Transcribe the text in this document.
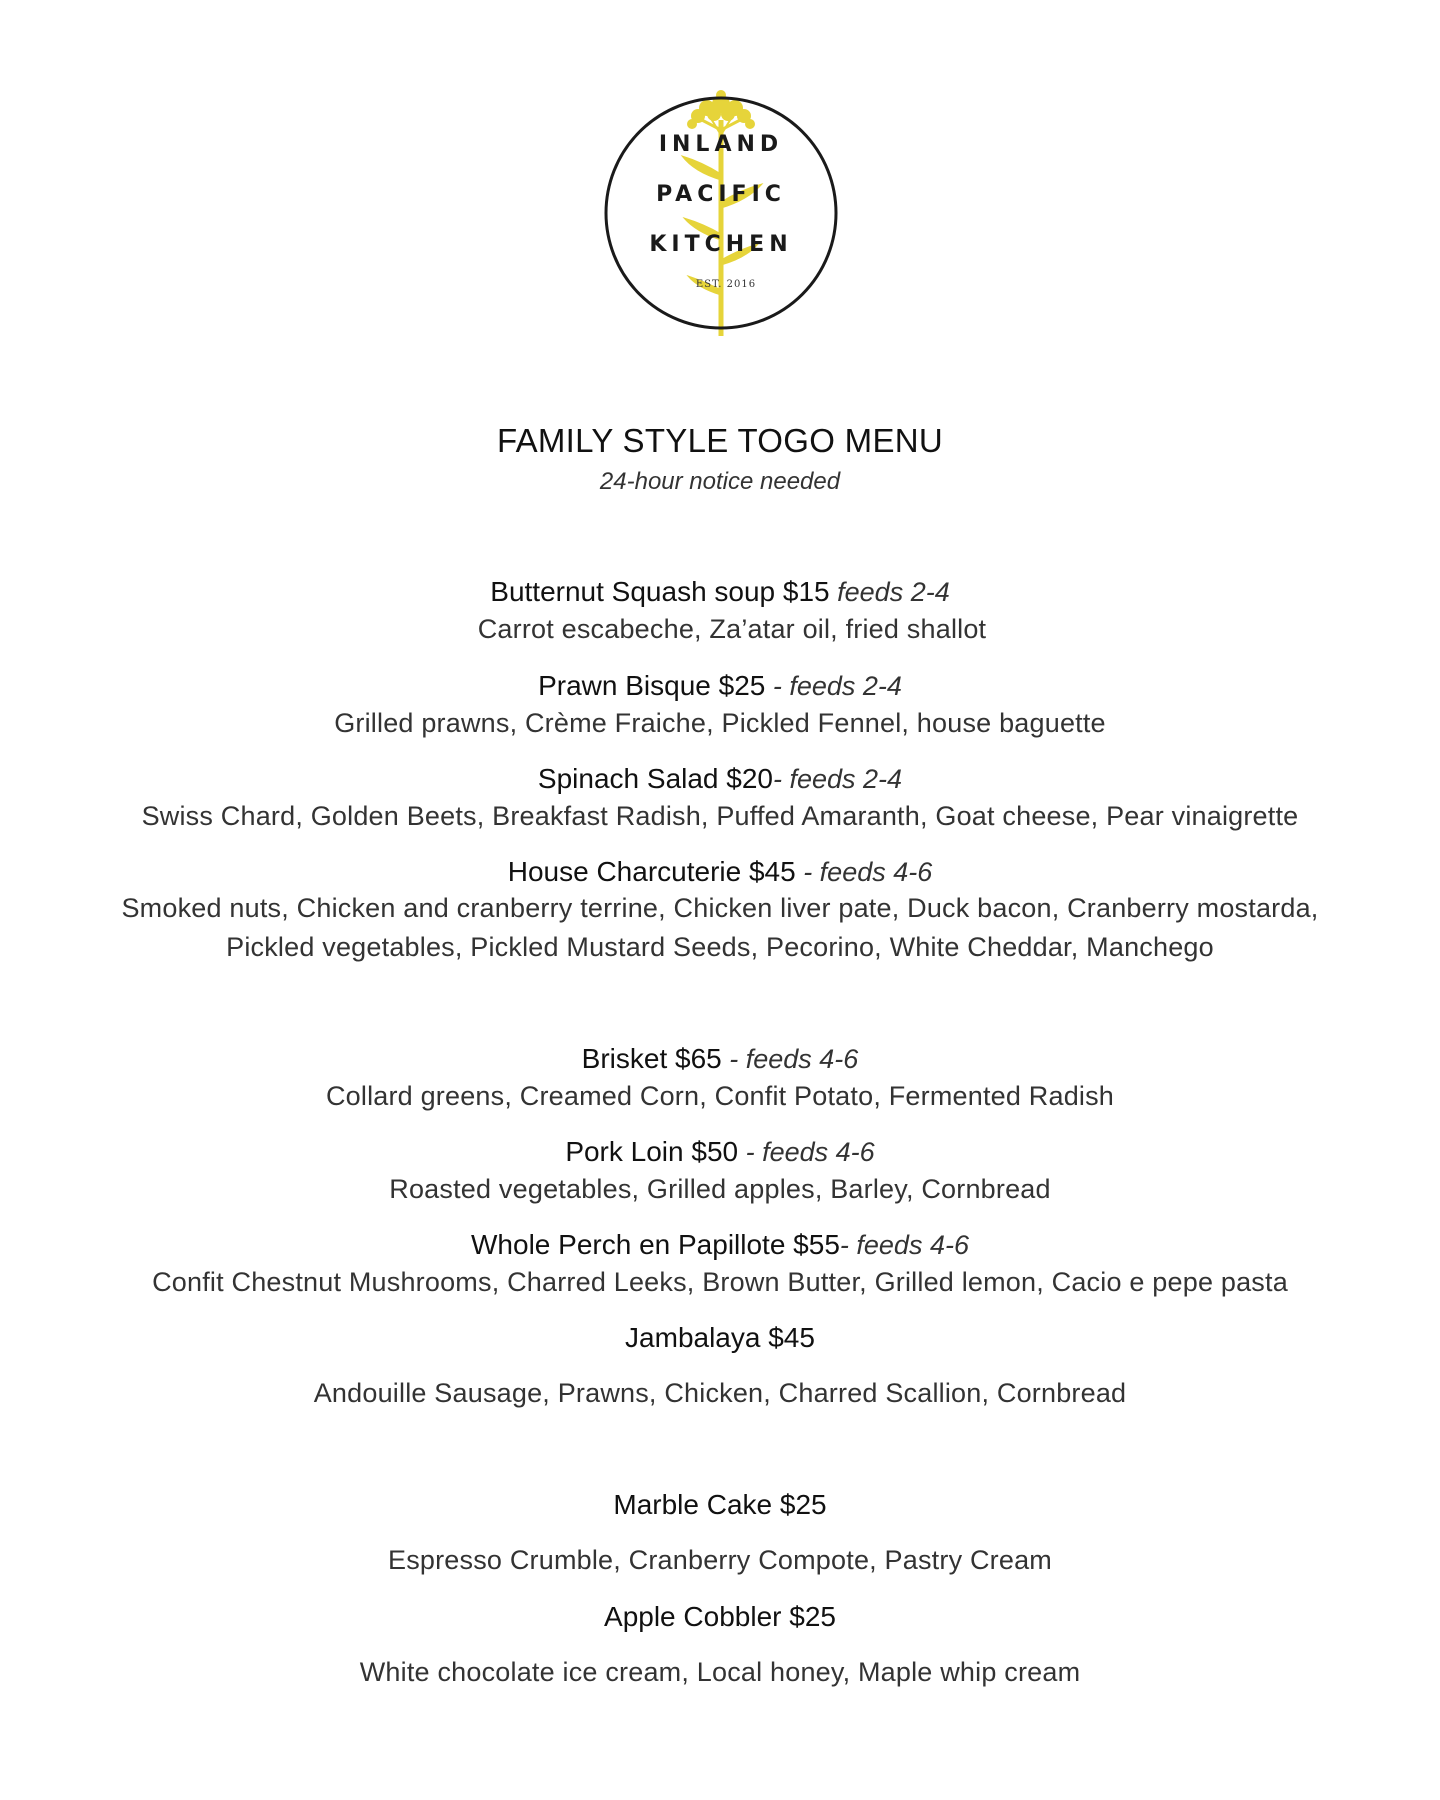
INLAND
PACIFIC
KITCHEN
EST. 2016
FAMILY STYLE TOGO MENU
24-hour notice needed
Butternut Squash soup $15 feeds 2-4
Carrot escabeche, Za’atar oil, fried shallot
Prawn Bisque $25 - feeds 2-4
Grilled prawns, Crème Fraiche, Pickled Fennel, house baguette
Spinach Salad $20- feeds 2-4
Swiss Chard, Golden Beets, Breakfast Radish, Puffed Amaranth, Goat cheese, Pear vinaigrette
House Charcuterie $45 - feeds 4-6
Smoked nuts, Chicken and cranberry terrine, Chicken liver pate, Duck bacon, Cranberry mostarda,
Pickled vegetables, Pickled Mustard Seeds, Pecorino, White Cheddar, Manchego
Brisket $65 - feeds 4-6
Collard greens, Creamed Corn, Confit Potato, Fermented Radish
Pork Loin $50 - feeds 4-6
Roasted vegetables, Grilled apples, Barley, Cornbread
Whole Perch en Papillote $55- feeds 4-6
Confit Chestnut Mushrooms, Charred Leeks, Brown Butter, Grilled lemon, Cacio e pepe pasta
Jambalaya $45
Andouille Sausage, Prawns, Chicken, Charred Scallion, Cornbread
Marble Cake $25
Espresso Crumble, Cranberry Compote, Pastry Cream
Apple Cobbler $25
White chocolate ice cream, Local honey, Maple whip cream
